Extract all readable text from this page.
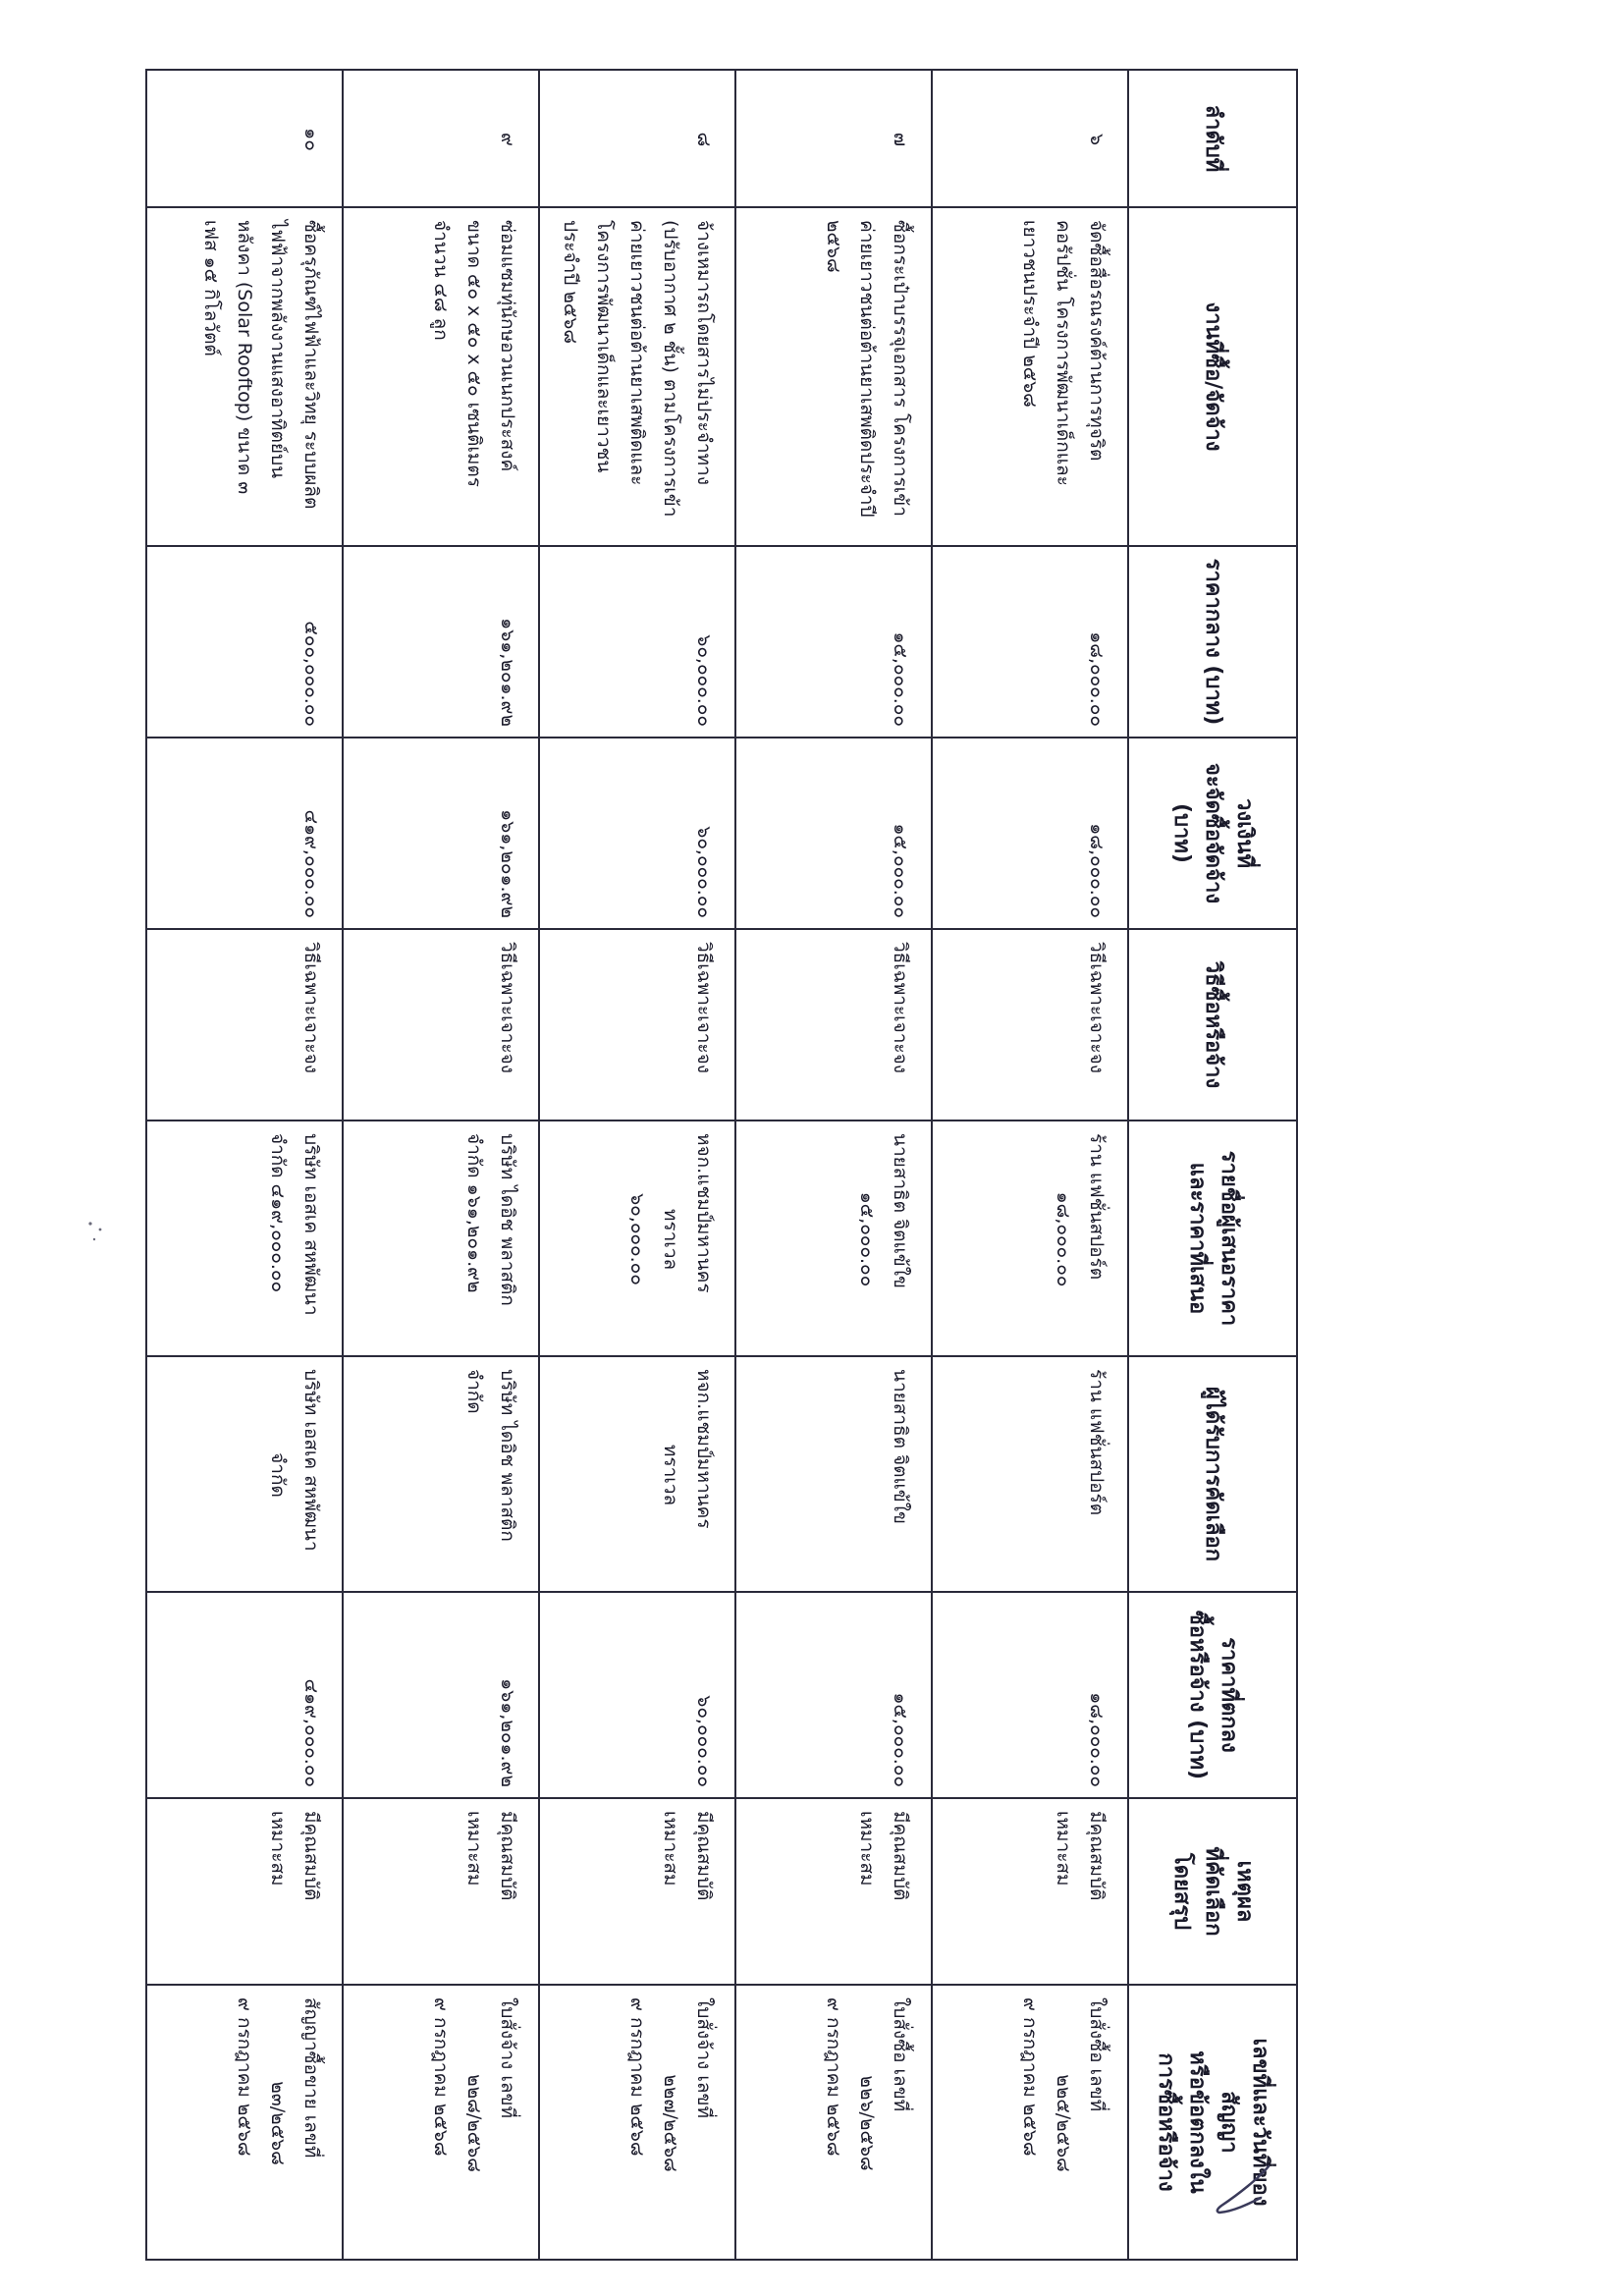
ลำดับที่	งานที่ซื้อ/จัดจ้าง	ราคากลาง (บาท)	วงเงินที่
จะจัดซื้อจัดจ้าง
(บาท)	วิธีซื้อหรือจ้าง	รายชื่อผู้เสนอราคา
และราคาที่เสนอ	ผู้ได้รับการคัดเลือก	ราคาที่ตกลง
ซื้อหรือจ้าง (บาท)	เหตุผล
ที่คัดเลือก
โดยสรุป	เลขที่และวันที่ของ
สัญญา
หรือข้อตกลงใน
การซื้อหรือจ้าง

๖	จัดซื้อสื่อรณรงค์ต้านการทุจริต
คอรัปชั่น โครงการพัฒนาเด็กและ
เยาวชนประจำปี ๒๕๖๘	๑๘,๐๐๐.๐๐	๑๘,๐๐๐.๐๐	วิธีเฉพาะเจาะจง	ร้าน แฟชั่นสปอร์ต
๑๘,๐๐๐.๐๐	ร้าน แฟชั่นสปอร์ต	๑๘,๐๐๐.๐๐	มีคุณสมบัติ
เหมาะสม	ใบสั่งซื้อ เลขที่
๒๒๕/๒๕๖๘
๙ กรกฎาคม ๒๕๖๘

๗	ซื้อกระเป๋าบรรจุเอกสาร โครงการเข้า
ค่ายเยาวชนต่อต้านยาเสพติดประจำปี
๒๕๖๘	๑๕,๐๐๐.๐๐	๑๕,๐๐๐.๐๐	วิธีเฉพาะเจาะจง	นายสาธิต จิตแข้ใข
๑๕,๐๐๐.๐๐	นายสาธิต จิตแข้ใข	๑๕,๐๐๐.๐๐	มีคุณสมบัติ
เหมาะสม	ใบสั่งซื้อ เลขที่
๒๒๖/๒๕๖๘
๙ กรกฎาคม ๒๕๖๘

๘	จ้างเหมารถโดยสารไม่ประจำทาง
(ปรับอากาศ ๒ ชั้น) ตามโครงการเข้า
ค่ายเยาวชนต่อต้านยาเสพติดและ
โครงการพัฒนาเด็กและเยาวชน
ประจำปี ๒๕๖๘	๖๐,๐๐๐.๐๐	๖๐,๐๐๐.๐๐	วิธีเฉพาะเจาะจง	หจก.แชมป์มหานคร
ทราเวล
๖๐,๐๐๐.๐๐	หจก.แชมป์มหานคร
ทราเวล	๖๐,๐๐๐.๐๐	มีคุณสมบัติ
เหมาะสม	ใบสั่งจ้าง เลขที่
๒๒๗/๒๕๖๘
๙ กรกฎาคม ๒๕๖๘

๙	ซ่อมแซมทุ่นักษอวนเนกประสงค์
ขนาด ๕๐ x ๕๐ x ๕๐ เซนติเมตร
จำนวน ๔๘ ลูก	๑๖๑,๒๐๑.๙๒	๑๖๑,๒๐๑.๙๒	วิธีเฉพาะเจาะจง	บริษัท ไดอิช พลาสติก
จำกัด ๑๖๑,๒๐๑.๙๒	บริษัท ไดอิช พลาสติก
จำกัด	๑๖๑,๒๐๑.๙๒	มีคุณสมบัติ
เหมาะสม	ใบสั่งจ้าง เลขที่
๒๒๘/๒๕๖๘
๙ กรกฎาคม ๒๕๖๘

๑๐	ซื้อครุภัณฑ์ไฟฟ้าและวิทยุ ระบบผลิต
ไฟฟ้าจากพลังงานแสงอาทิตย์บน
หลังคา (Solar Rooftop) ขนาด ๓
เฟส ๑๕ กิโลวัตต์	๕๐๐,๐๐๐.๐๐	๔๑๙,๐๐๐.๐๐	วิธีเฉพาะเจาะจง	บริษัท เอสเค สหพัฒนา
จำกัด ๔๑๙,๐๐๐.๐๐	บริษัท เอสเค สหพัฒนา
จำกัด	๔๑๙,๐๐๐.๐๐	มีคุณสมบัติ
เหมาะสม	สัญญาซื้อขาย เลขที่
๒๓/๒๕๖๘
๙ กรกฎาคม ๒๕๖๘
